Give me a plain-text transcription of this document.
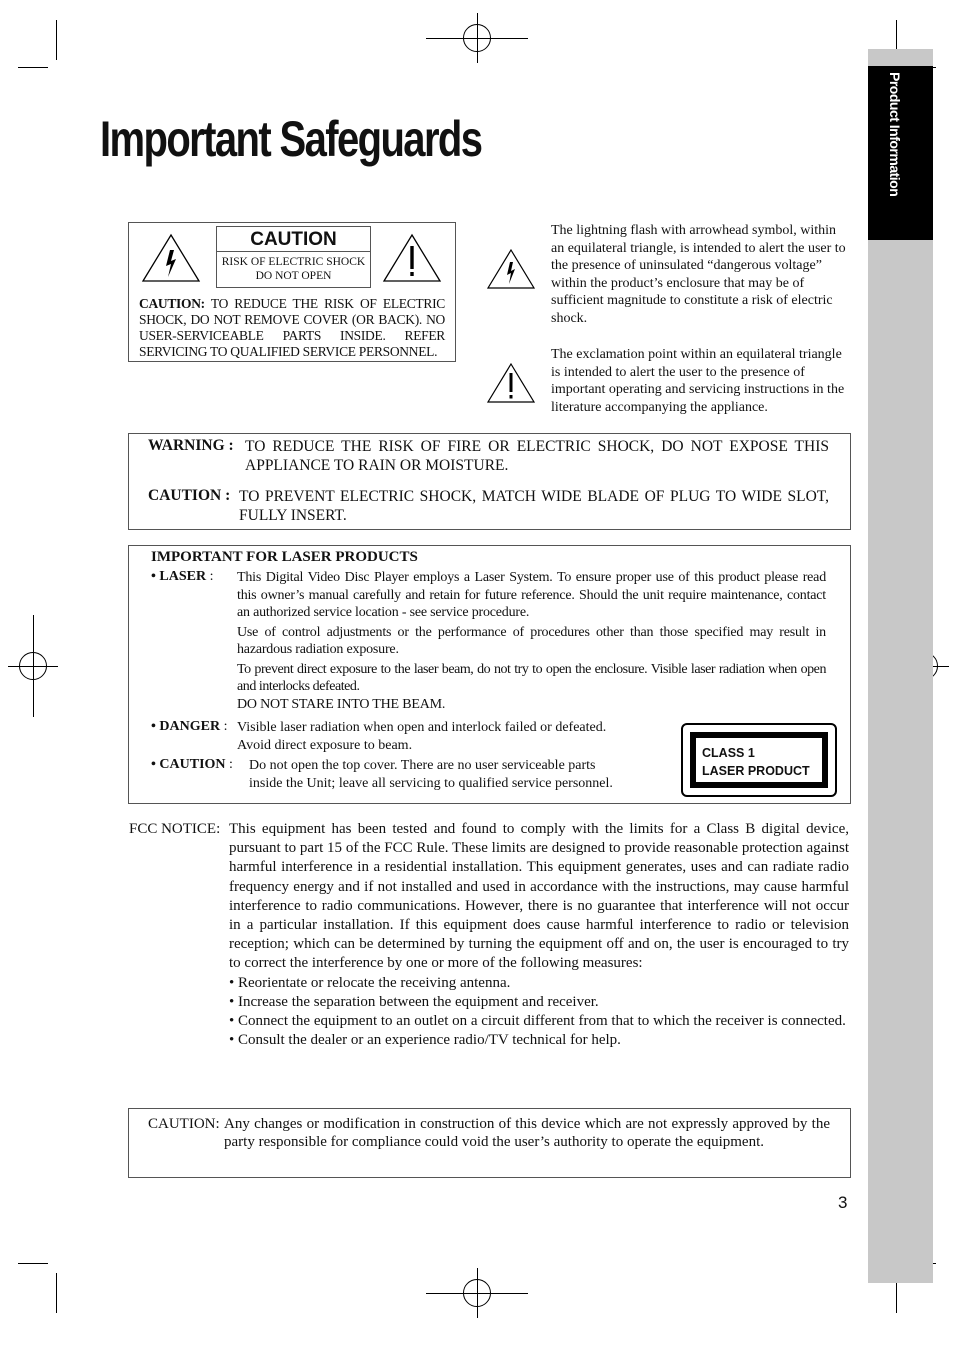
Product Information
Important Safeguards
CAUTION
RISK OF ELECTRIC SHOCK
DO NOT OPEN
CAUTION: TO REDUCE THE RISK OF ELECTRIC SHOCK, DO NOT REMOVE COVER (OR BACK). NO USER-SERVICEABLE PARTS INSIDE. REFER SERVICING TO QUALIFIED SERVICE PERSONNEL.

The lightning flash with arrowhead symbol, within an equilateral triangle, is intended to alert the user to the presence of uninsulated “dangerous voltage” within the product’s enclosure that may be of sufficient magnitude to constitute a risk of electric shock.

The exclamation point within an equilateral triangle is intended to alert the user to the presence of important operating and servicing instructions in the literature accompanying the appliance.

WARNING : TO REDUCE THE RISK OF FIRE OR ELECTRIC SHOCK, DO NOT EXPOSE THIS APPLIANCE TO RAIN OR MOISTURE.

CAUTION : TO PREVENT ELECTRIC SHOCK, MATCH WIDE BLADE OF PLUG TO WIDE SLOT, FULLY INSERT.

IMPORTANT FOR LASER PRODUCTS
• LASER : This Digital Video Disc Player employs a Laser System. To ensure proper use of this product please read this owner’s manual carefully and retain for future reference. Should the unit require maintenance, contact an authorized service location - see service procedure.

Use of control adjustments or the performance of procedures other than those specified may result in hazardous radiation exposure.

To prevent direct exposure to the laser beam, do not try to open the enclosure. Visible laser radiation when open and interlocks defeated.

DO NOT STARE INTO THE BEAM.

• DANGER : Visible laser radiation when open and interlock failed or defeated.
Avoid direct exposure to beam.
• CAUTION : Do not open the top cover. There are no user serviceable parts
inside the Unit; leave all servicing to qualified service personnel.
CLASS 1
LASER PRODUCT
FCC NOTICE: This equipment has been tested and found to comply with the limits for a Class B digital device, pursuant to part 15 of the FCC Rule. These limits are designed to provide reasonable protection against harmful interference in a residential installation. This equipment generates, uses and can radiate radio frequency energy and if not installed and used in accordance with the instructions, may cause harmful interference to radio communications. However, there is no guarantee that interference will not occur in a particular installation. If this equipment does cause harmful interference to radio or television reception; which can be determined by turning the equipment off and on, the user is encouraged to try to correct the interference by one or more of the following measures:

• Reorientate or relocate the receiving antenna.

• Increase the separation between the equipment and receiver.

• Connect the equipment to an outlet on a circuit different from that to which the receiver is connected.

• Consult the dealer or an experience radio/TV technical for help.

CAUTION: Any changes or modification in construction of this device which are not expressly approved by the party responsible for compliance could void the user’s authority to operate the equipment.

3
